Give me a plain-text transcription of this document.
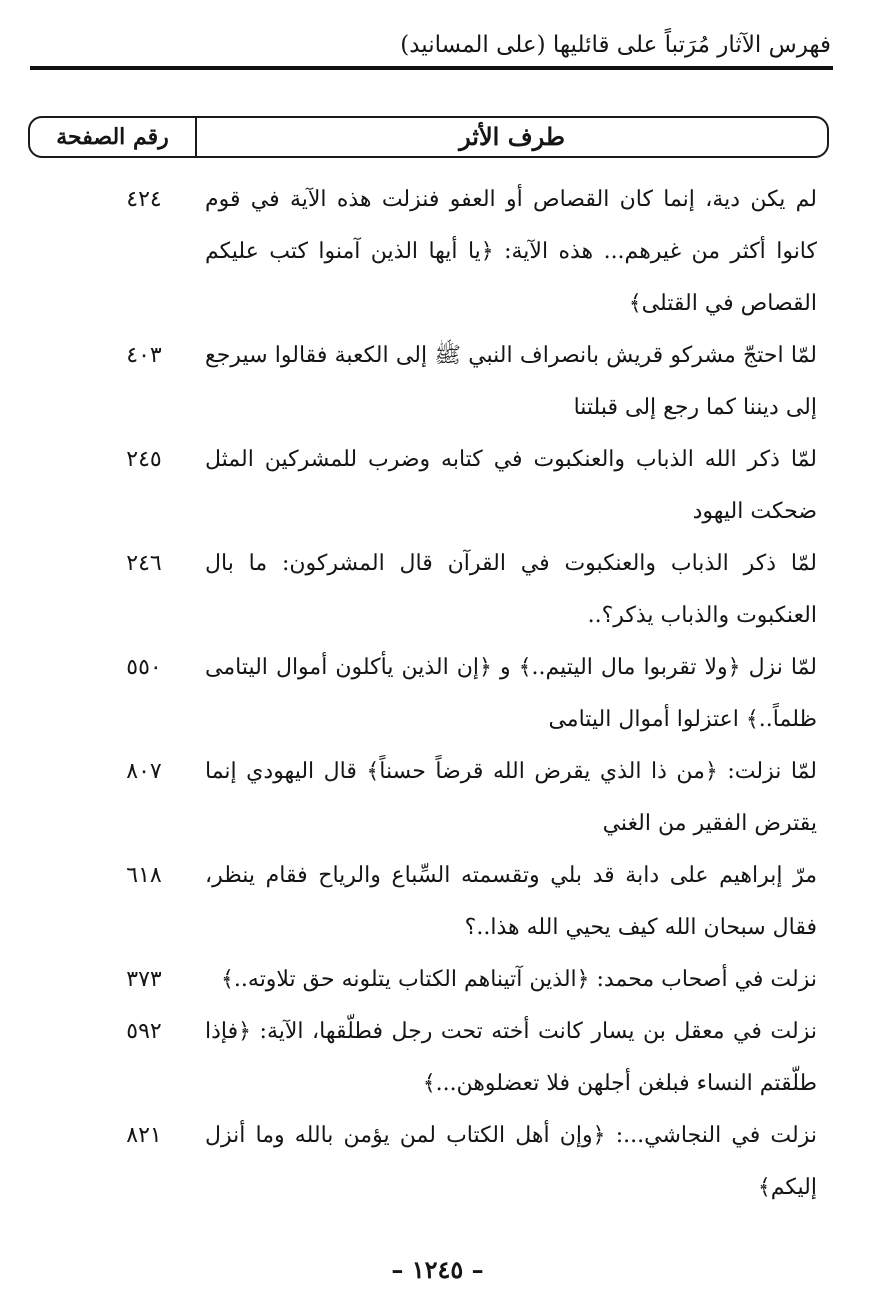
فهرس الآثار مُرَتباً على قائليها (على المسانيد)
طرف الأثر
رقم الصفحة
لم يكن دية، إنما كان القصاص أو العفو فنزلت هذه الآية في قوم كانوا أكثر من غيرهم... هذه الآية: ﴿يا أيها الذين آمنوا كتب عليكم القصاص في القتلى﴾
٤٢٤
لمّا احتجّ مشركو قريش بانصراف النبي ﷺ إلى الكعبة فقالوا سيرجع إلى ديننا كما رجع إلى قبلتنا
٤٠٣
لمّا ذكر الله الذباب والعنكبوت في كتابه وضرب للمشركين المثل ضحكت اليهود
٢٤٥
لمّا ذكر الذباب والعنكبوت في القرآن قال المشركون: ما بال العنكبوت والذباب يذكر؟..
٢٤٦
لمّا نزل ﴿ولا تقربوا مال اليتيم..﴾ و ﴿إن الذين يأكلون أموال اليتامى ظلماً..﴾ اعتزلوا أموال اليتامى
٥٥٠
لمّا نزلت: ﴿من ذا الذي يقرض الله قرضاً حسناً﴾ قال اليهودي إنما يقترض الفقير من الغني
٨٠٧
مرّ إبراهيم على دابة قد بلي وتقسمته السِّباع والرياح فقام ينظر، فقال سبحان الله كيف يحيي الله هذا..؟
٦١٨
نزلت في أصحاب محمد: ﴿الذين آتيناهم الكتاب يتلونه حق تلاوته..﴾
٣٧٣
نزلت في معقل بن يسار كانت أخته تحت رجل فطلّقها، الآية: ﴿فإذا طلّقتم النساء فبلغن أجلهن فلا تعضلوهن...﴾
٥٩٢
نزلت في النجاشي...: ﴿وإن أهل الكتاب لمن يؤمن بالله وما أنزل إليكم﴾
٨٢١
– ١٢٤٥ –
